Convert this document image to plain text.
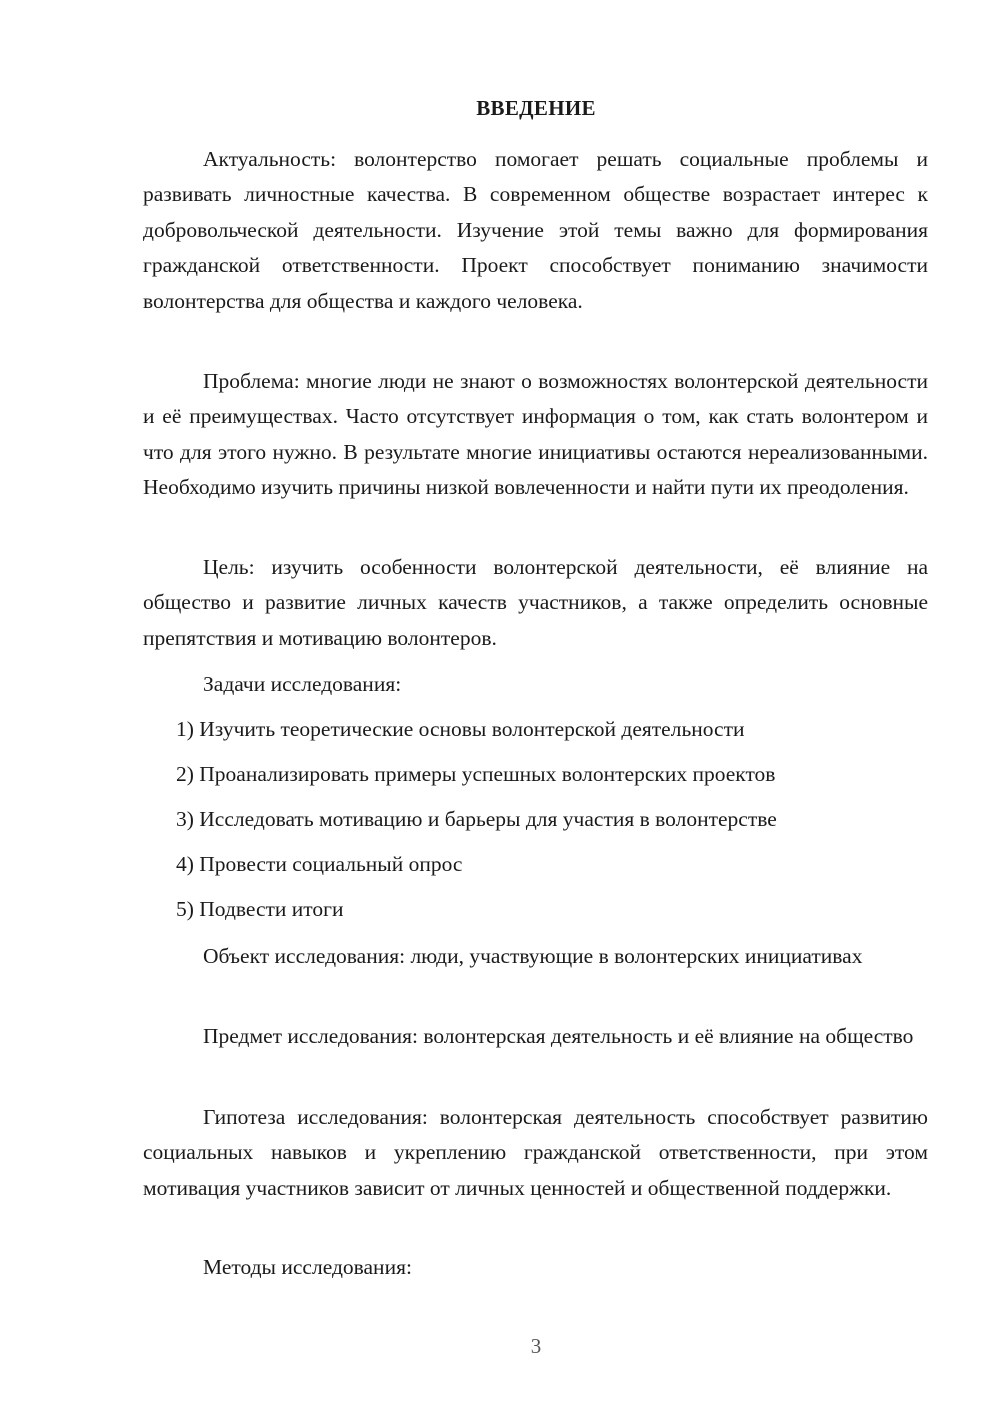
ВВЕДЕНИЕ

Актуальность: волонтерство помогает решать социальные проблемы и развивать личностные качества. В современном обществе возрастает интерес к добровольческой деятельности. Изучение этой темы важно для формирования гражданской ответственности. Проект способствует пониманию значимости волонтерства для общества и каждого человека.

Проблема: многие люди не знают о возможностях волонтерской деятельности и её преимуществах. Часто отсутствует информация о том, как стать волонтером и что для этого нужно. В результате многие инициативы остаются нереализованными. Необходимо изучить причины низкой вовлеченности и найти пути их преодоления.

Цель: изучить особенности волонтерской деятельности, её влияние на общество и развитие личных качеств участников, а также определить основные препятствия и мотивацию волонтеров.

Задачи исследования:

1) Изучить теоретические основы волонтерской деятельности

2) Проанализировать примеры успешных волонтерских проектов

3) Исследовать мотивацию и барьеры для участия в волонтерстве

4) Провести социальный опрос

5) Подвести итоги

Объект исследования: люди, участвующие в волонтерских инициативах

Предмет исследования: волонтерская деятельность и её влияние на общество

Гипотеза исследования: волонтерская деятельность способствует развитию социальных навыков и укреплению гражданской ответственности, при этом мотивация участников зависит от личных ценностей и общественной поддержки.

Методы исследования:

3
